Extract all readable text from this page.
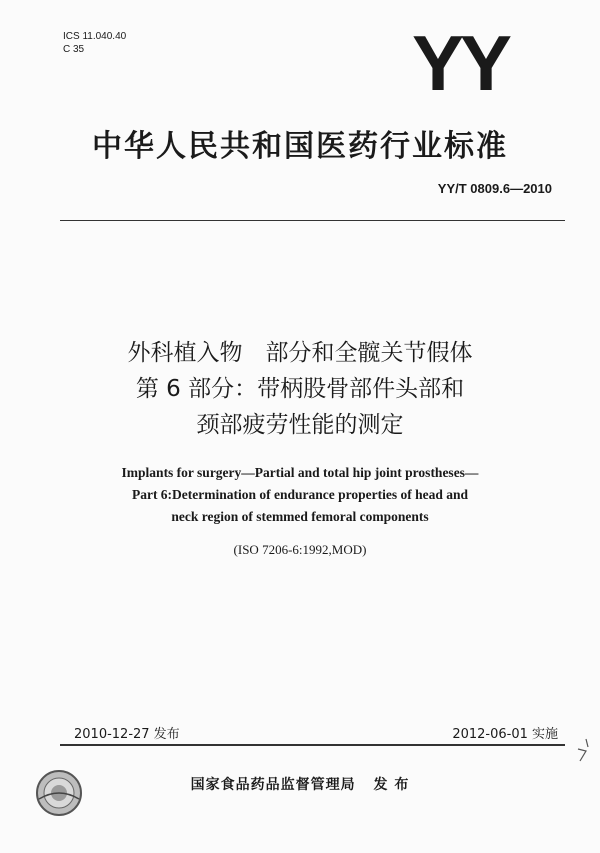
ICS 11.040.40
C 35	YY
中华人民共和国医药行业标准
YY/T 0809.6—2010
外科植入物　部分和全髋关节假体
第 6 部分：带柄股骨部件头部和
颈部疲劳性能的测定
Implants for surgery—Partial and total hip joint prostheses—
Part 6:Determination of endurance properties of head and
neck region of stemmed femoral components
(ISO 7206-6:1992,MOD)
2010-12-27 发布	2012-06-01 实施
国家食品药品监督管理局 发 布
